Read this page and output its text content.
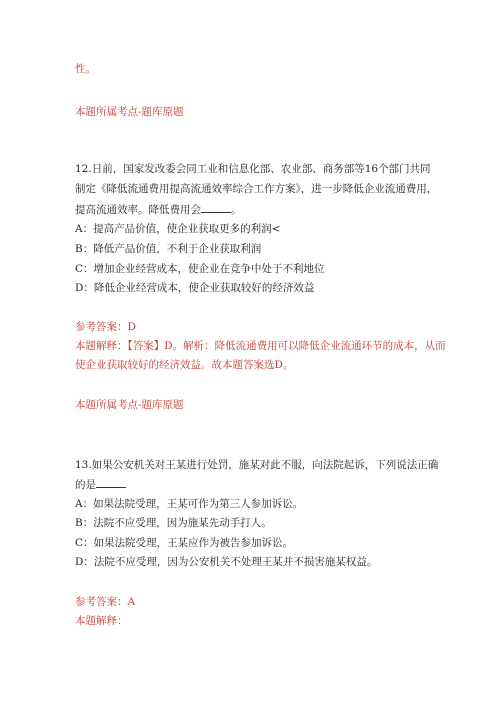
性。
本题所属考点-题库原题
12.日前，国家发改委会同工业和信息化部、农业部、商务部等16个部门共同
制定《降低流通费用提高流通效率综合工作方案》，进一步降低企业流通费用，
提高流通效率。降低费用会	。
A：提高产品价值，使企业获取更多的利润<
B：降低产品价值，不利于企业获取利润
C：增加企业经营成本，使企业在竞争中处于不利地位
D：降低企业经营成本，使企业获取较好的经济效益
参考答案：D
本题解释：【答案】D。解析：降低流通费用可以降低企业流通环节的成本，从而
使企业获取较好的经济效益。故本题答案选D。
本题所属考点-题库原题
13.如果公安机关对王某进行处罚，施某对此不服，向法院起诉，下列说法正确
的是
A：如果法院受理，王某可作为第三人参加诉讼。
B：法院不应受理，因为施某先动手打人。
C：如果法院受理，王某应作为被告参加诉讼。
D：法院不应受理，因为公安机关不处理王某并不损害施某权益。
参考答案：A
本题解释：
